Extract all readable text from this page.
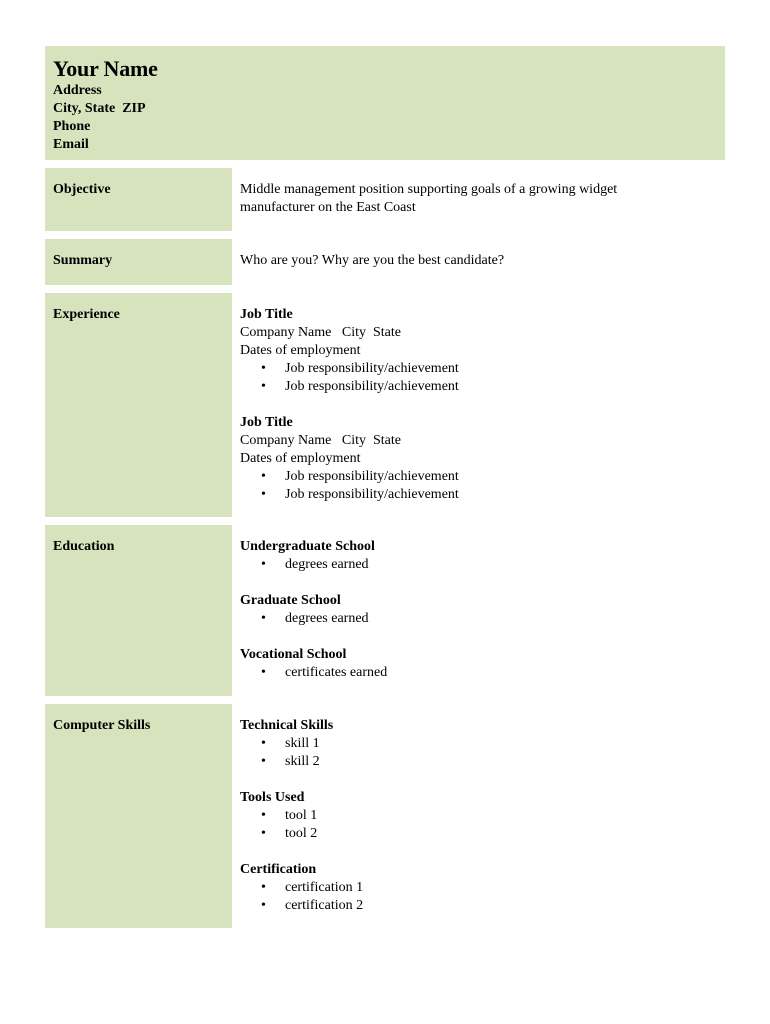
Your Name
Address
City, State  ZIP
Phone
Email
Objective	Middle management position supporting goals of a growing widget
manufacturer on the East Coast
Summary	Who are you? Why are you the best candidate?
Experience	Job Title
Company Name   City  State
Dates of employment
• Job responsibility/achievement
• Job responsibility/achievement
Job Title
Company Name   City  State
Dates of employment
• Job responsibility/achievement
• Job responsibility/achievement
Education	Undergraduate School
• degrees earned
Graduate School
• degrees earned
Vocational School
• certificates earned
Computer Skills	Technical Skills
• skill 1
• skill 2
Tools Used
• tool 1
• tool 2
Certification
• certification 1
• certification 2
